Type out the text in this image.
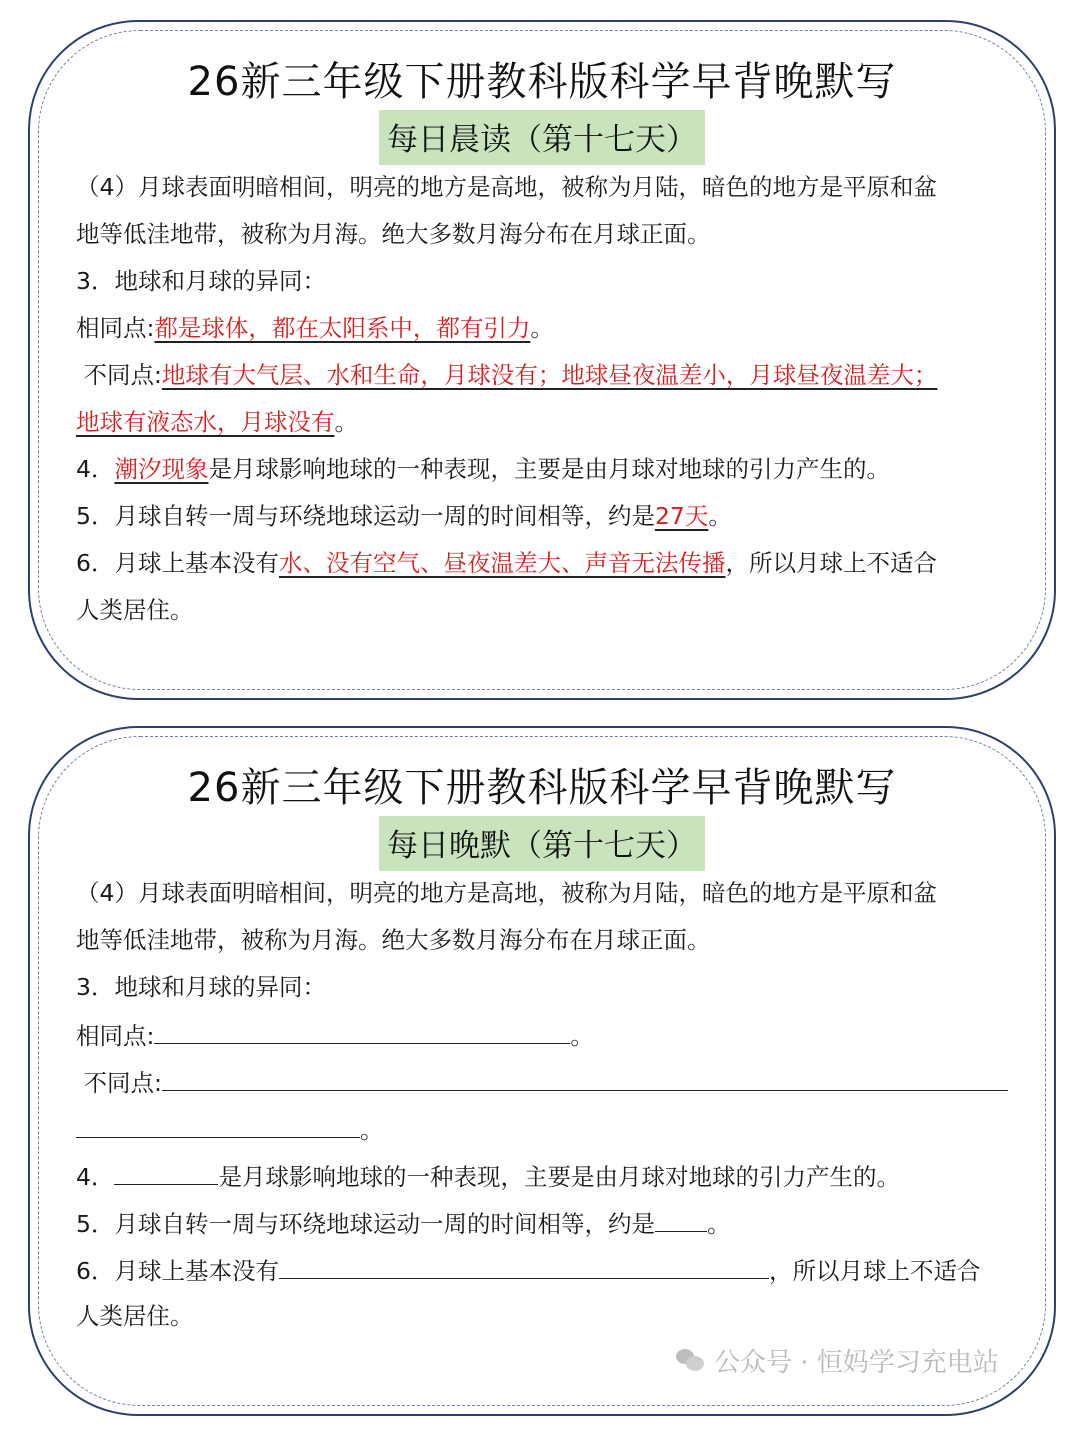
26新三年级下册教科版科学早背晚默写
每日晨读（第十七天）
（4）月球表面明暗相间，明亮的地方是高地，被称为月陆，暗色的地方是平原和盆
地等低洼地带，被称为月海。绝大多数月海分布在月球正面。
3．地球和月球的异同：
相同点:都是球体，都在太阳系中，都有引力。
不同点:地球有大气层、水和生命，月球没有；地球昼夜温差小，月球昼夜温差大；
地球有液态水，月球没有。
4．潮汐现象是月球影响地球的一种表现，主要是由月球对地球的引力产生的。
5．月球自转一周与环绕地球运动一周的时间相等，约是27天。
6．月球上基本没有水、没有空气、昼夜温差大、声音无法传播，所以月球上不适合
人类居住。
26新三年级下册教科版科学早背晚默写
每日晚默（第十七天）
（4）月球表面明暗相间，明亮的地方是高地，被称为月陆，暗色的地方是平原和盆
地等低洼地带，被称为月海。绝大多数月海分布在月球正面。
3．地球和月球的异同：
相同点:	。
不同点:
。
4．	是月球影响地球的一种表现，主要是由月球对地球的引力产生的。
5．月球自转一周与环绕地球运动一周的时间相等，约是 。
6．月球上基本没有	，所以月球上不适合
人类居住。
公众号 · 恒妈学习充电站
